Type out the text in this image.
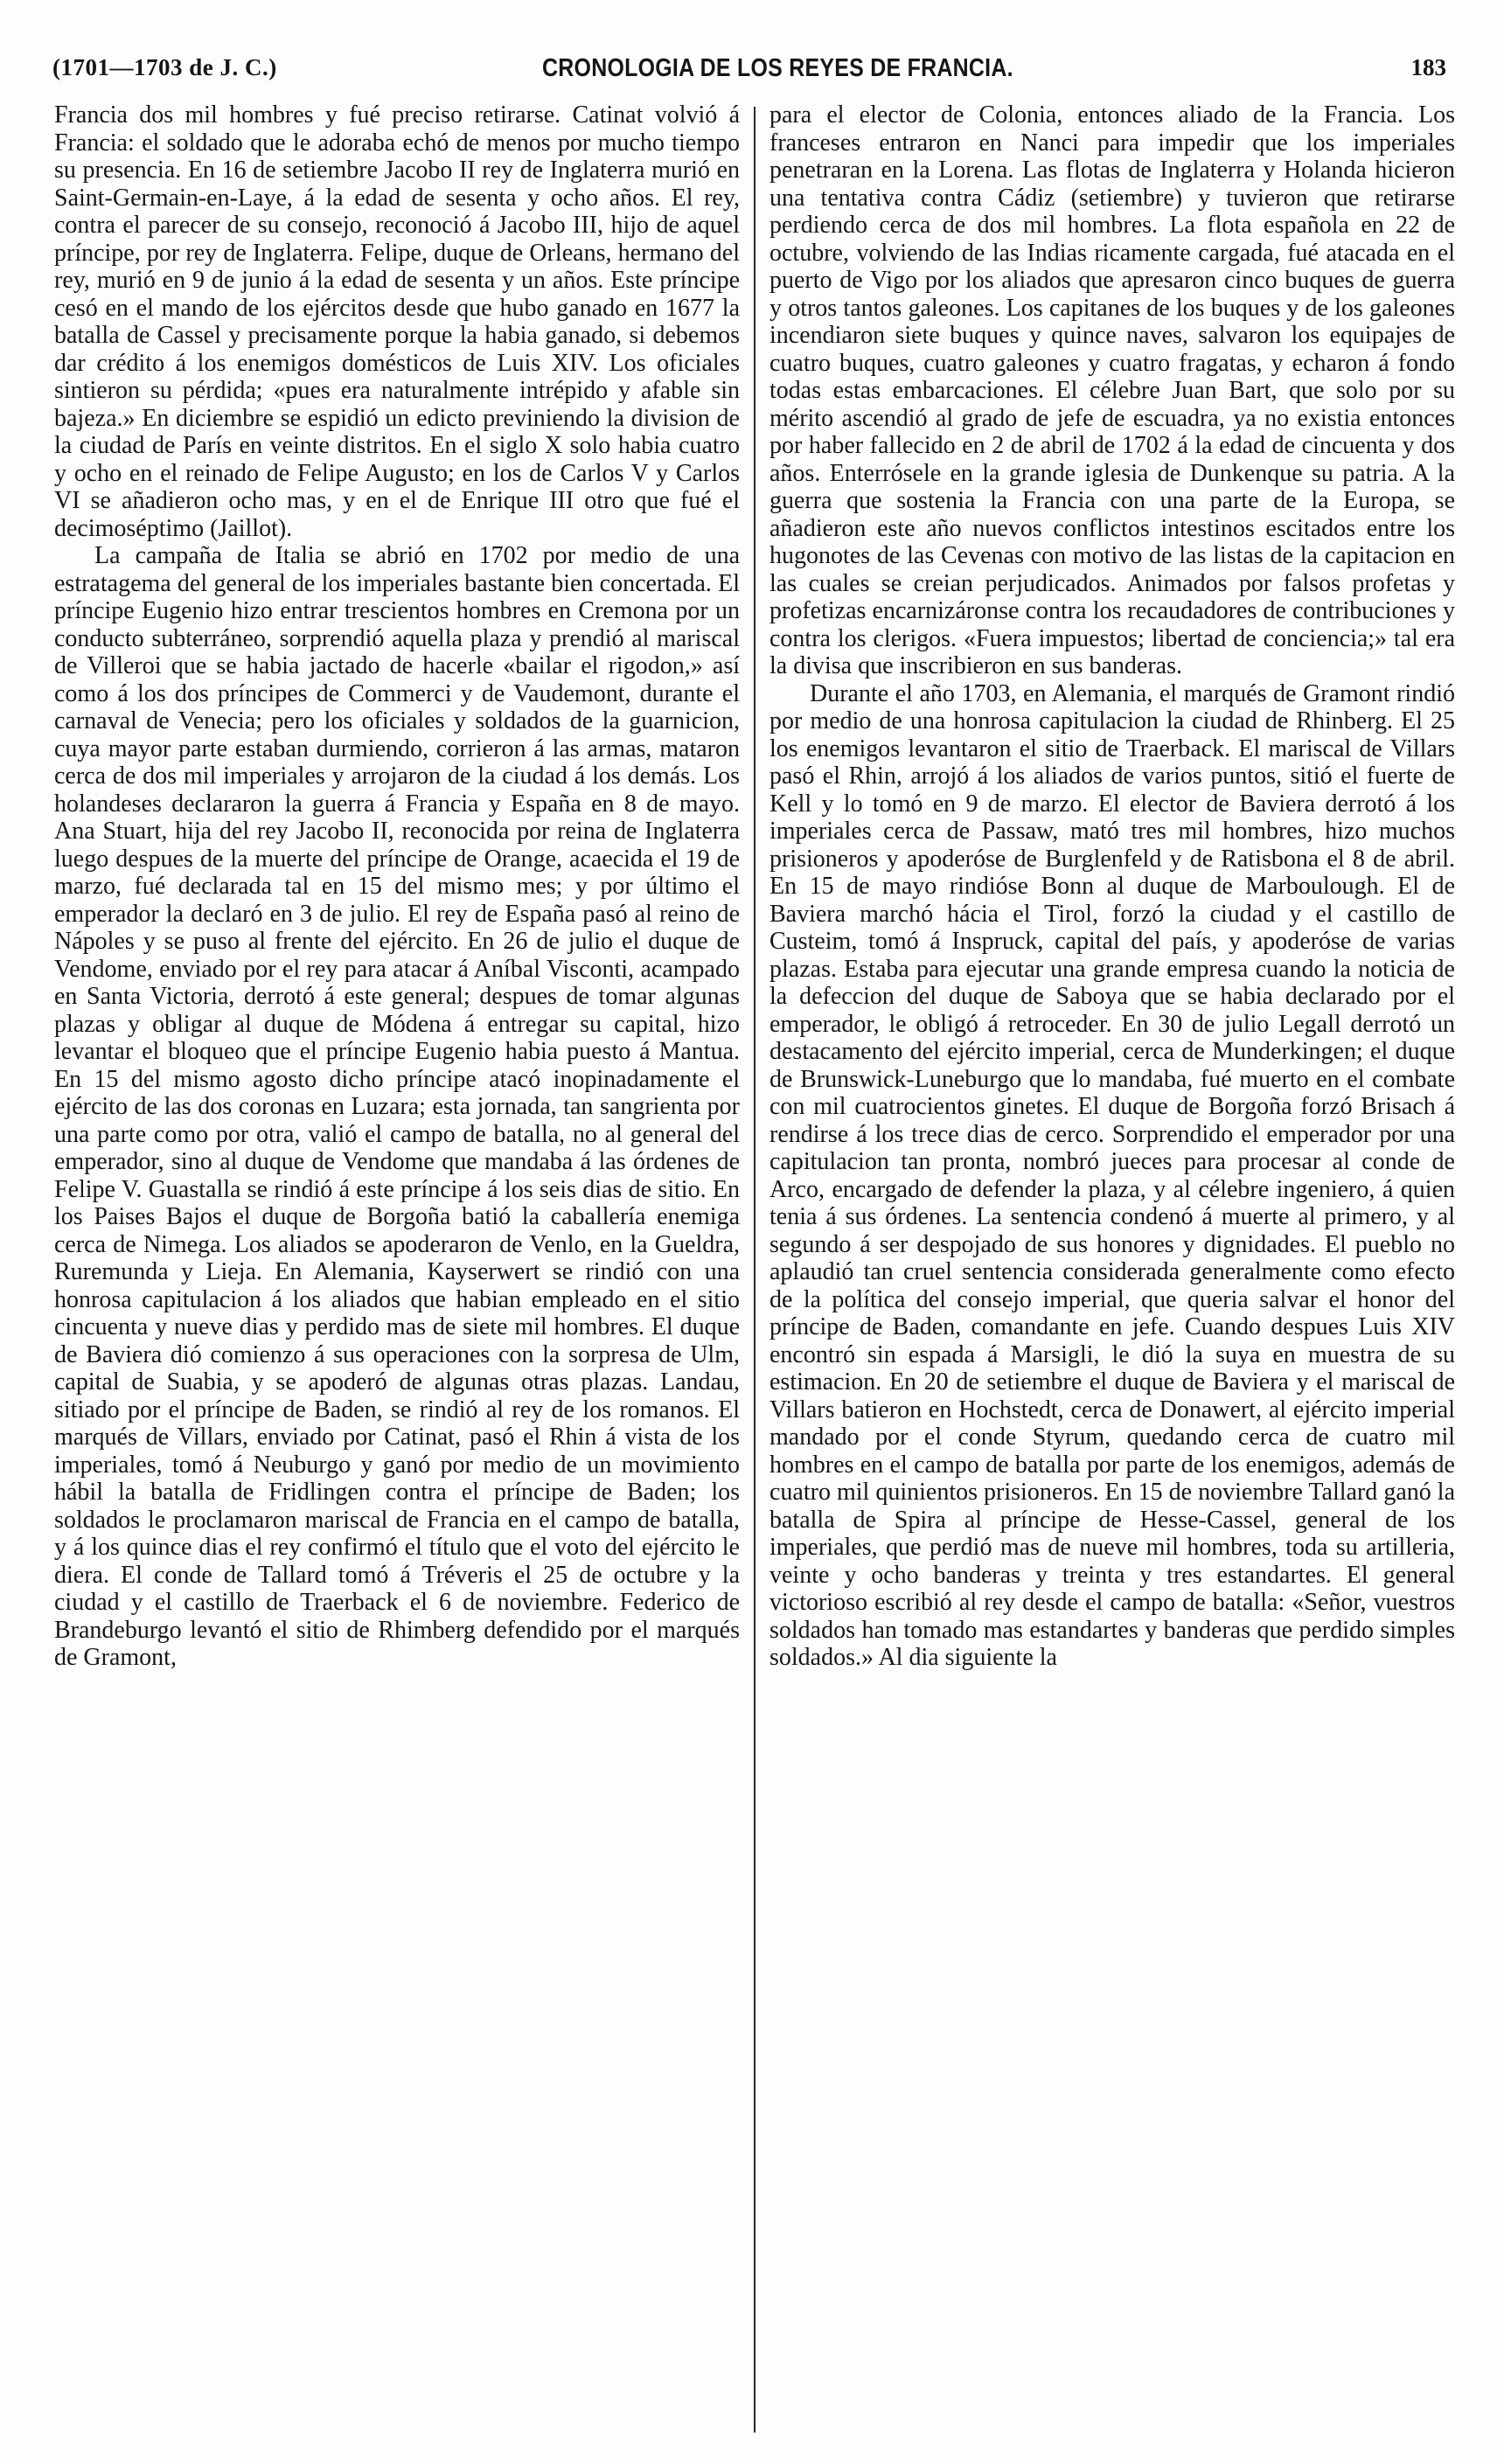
(1701—1703 de J. C.)	CRONOLOGIA DE LOS REYES DE FRANCIA.	183

Francia dos mil hombres y fué preciso retirarse. Catinat volvió á Francia: el soldado que le adoraba echó de menos por mucho tiempo su presencia. En 16 de setiembre Jacobo II rey de Inglaterra murió en Saint-Germain-en-Laye, á la edad de sesenta y ocho años. El rey, contra el parecer de su consejo, reconoció á Jacobo III, hijo de aquel príncipe, por rey de Inglaterra. Felipe, duque de Orleans, hermano del rey, murió en 9 de junio á la edad de sesenta y un años. Este príncipe cesó en el mando de los ejércitos desde que hubo ganado en 1677 la batalla de Cassel y precisamente porque la habia ganado, si debemos dar crédito á los enemigos domésticos de Luis XIV. Los oficiales sintieron su pérdida; «pues era naturalmente intrépido y afable sin bajeza.» En diciembre se espidió un edicto previniendo la division de la ciudad de París en veinte distritos. En el siglo X solo habia cuatro y ocho en el reinado de Felipe Augusto; en los de Carlos V y Carlos VI se añadieron ocho mas, y en el de Enrique III otro que fué el decimoséptimo (Jaillot).

La campaña de Italia se abrió en 1702 por medio de una estratagema del general de los imperiales bastante bien concertada. El príncipe Eugenio hizo entrar trescientos hombres en Cremona por un conducto subterráneo, sorprendió aquella plaza y prendió al mariscal de Villeroi que se habia jactado de hacerle «bailar el rigodon,» así como á los dos príncipes de Commerci y de Vaudemont, durante el carnaval de Venecia; pero los oficiales y soldados de la guarnicion, cuya mayor parte estaban durmiendo, corrieron á las armas, mataron cerca de dos mil imperiales y arrojaron de la ciudad á los demás. Los holandeses declararon la guerra á Francia y España en 8 de mayo. Ana Stuart, hija del rey Jacobo II, reconocida por reina de Inglaterra luego despues de la muerte del príncipe de Orange, acaecida el 19 de marzo, fué declarada tal en 15 del mismo mes; y por último el emperador la declaró en 3 de julio. El rey de España pasó al reino de Nápoles y se puso al frente del ejército. En 26 de julio el duque de Vendome, enviado por el rey para atacar á Aníbal Visconti, acampado en Santa Victoria, derrotó á este general; despues de tomar algunas plazas y obligar al duque de Módena á entregar su capital, hizo levantar el bloqueo que el príncipe Eugenio habia puesto á Mantua. En 15 del mismo agosto dicho príncipe atacó inopinadamente el ejército de las dos coronas en Luzara; esta jornada, tan sangrienta por una parte como por otra, valió el campo de batalla, no al general del emperador, sino al duque de Vendome que mandaba á las órdenes de Felipe V. Guastalla se rindió á este príncipe á los seis dias de sitio. En los Paises Bajos el duque de Borgoña batió la caballería enemiga cerca de Nimega. Los aliados se apoderaron de Venlo, en la Gueldra, Ruremunda y Lieja. En Alemania, Kayserwert se rindió con una honrosa capitulacion á los aliados que habian empleado en el sitio cincuenta y nueve dias y perdido mas de siete mil hombres. El duque de Baviera dió comienzo á sus operaciones con la sorpresa de Ulm, capital de Suabia, y se apoderó de algunas otras plazas. Landau, sitiado por el príncipe de Baden, se rindió al rey de los romanos. El marqués de Villars, enviado por Catinat, pasó el Rhin á vista de los imperiales, tomó á Neuburgo y ganó por medio de un movimiento hábil la batalla de Fridlingen contra el príncipe de Baden; los soldados le proclamaron mariscal de Francia en el campo de batalla, y á los quince dias el rey confirmó el título que el voto del ejército le diera. El conde de Tallard tomó á Tréveris el 25 de octubre y la ciudad y el castillo de Traerback el 6 de noviembre. Federico de Brandeburgo levantó el sitio de Rhimberg defendido por el marqués de Gramont,

para el elector de Colonia, entonces aliado de la Francia. Los franceses entraron en Nanci para impedir que los imperiales penetraran en la Lorena. Las flotas de Inglaterra y Holanda hicieron una tentativa contra Cádiz (setiembre) y tuvieron que retirarse perdiendo cerca de dos mil hombres. La flota española en 22 de octubre, volviendo de las Indias ricamente cargada, fué atacada en el puerto de Vigo por los aliados que apresaron cinco buques de guerra y otros tantos galeones. Los capitanes de los buques y de los galeones incendiaron siete buques y quince naves, salvaron los equipajes de cuatro buques, cuatro galeones y cuatro fragatas, y echaron á fondo todas estas embarcaciones. El célebre Juan Bart, que solo por su mérito ascendió al grado de jefe de escuadra, ya no existia entonces por haber fallecido en 2 de abril de 1702 á la edad de cincuenta y dos años. Enterrósele en la grande iglesia de Dunkenque su patria. A la guerra que sostenia la Francia con una parte de la Europa, se añadieron este año nuevos conflictos intestinos escitados entre los hugonotes de las Cevenas con motivo de las listas de la capitacion en las cuales se creian perjudicados. Animados por falsos profetas y profetizas encarnizáronse contra los recaudadores de contribuciones y contra los clerigos. «Fuera impuestos; libertad de conciencia;» tal era la divisa que inscribieron en sus banderas.

Durante el año 1703, en Alemania, el marqués de Gramont rindió por medio de una honrosa capitulacion la ciudad de Rhinberg. El 25 los enemigos levantaron el sitio de Traerback. El mariscal de Villars pasó el Rhin, arrojó á los aliados de varios puntos, sitió el fuerte de Kell y lo tomó en 9 de marzo. El elector de Baviera derrotó á los imperiales cerca de Passaw, mató tres mil hombres, hizo muchos prisioneros y apoderóse de Burglenfeld y de Ratisbona el 8 de abril. En 15 de mayo rindióse Bonn al duque de Marboulough. El de Baviera marchó hácia el Tirol, forzó la ciudad y el castillo de Custeim, tomó á Inspruck, capital del país, y apoderóse de varias plazas. Estaba para ejecutar una grande empresa cuando la noticia de la defeccion del duque de Saboya que se habia declarado por el emperador, le obligó á retroceder. En 30 de julio Legall derrotó un destacamento del ejército imperial, cerca de Munderkingen; el duque de Brunswick-Luneburgo que lo mandaba, fué muerto en el combate con mil cuatrocientos ginetes. El duque de Borgoña forzó Brisach á rendirse á los trece dias de cerco. Sorprendido el emperador por una capitulacion tan pronta, nombró jueces para procesar al conde de Arco, encargado de defender la plaza, y al célebre ingeniero, á quien tenia á sus órdenes. La sentencia condenó á muerte al primero, y al segundo á ser despojado de sus honores y dignidades. El pueblo no aplaudió tan cruel sentencia considerada generalmente como efecto de la política del consejo imperial, que queria salvar el honor del príncipe de Baden, comandante en jefe. Cuando despues Luis XIV encontró sin espada á Marsigli, le dió la suya en muestra de su estimacion. En 20 de setiembre el duque de Baviera y el mariscal de Villars batieron en Hochstedt, cerca de Donawert, al ejército imperial mandado por el conde Styrum, quedando cerca de cuatro mil hombres en el campo de batalla por parte de los enemigos, además de cuatro mil quinientos prisioneros. En 15 de noviembre Tallard ganó la batalla de Spira al príncipe de Hesse-Cassel, general de los imperiales, que perdió mas de nueve mil hombres, toda su artilleria, veinte y ocho banderas y treinta y tres estandartes. El general victorioso escribió al rey desde el campo de batalla: «Señor, vuestros soldados han tomado mas estandartes y banderas que perdido simples soldados.» Al dia siguiente la
